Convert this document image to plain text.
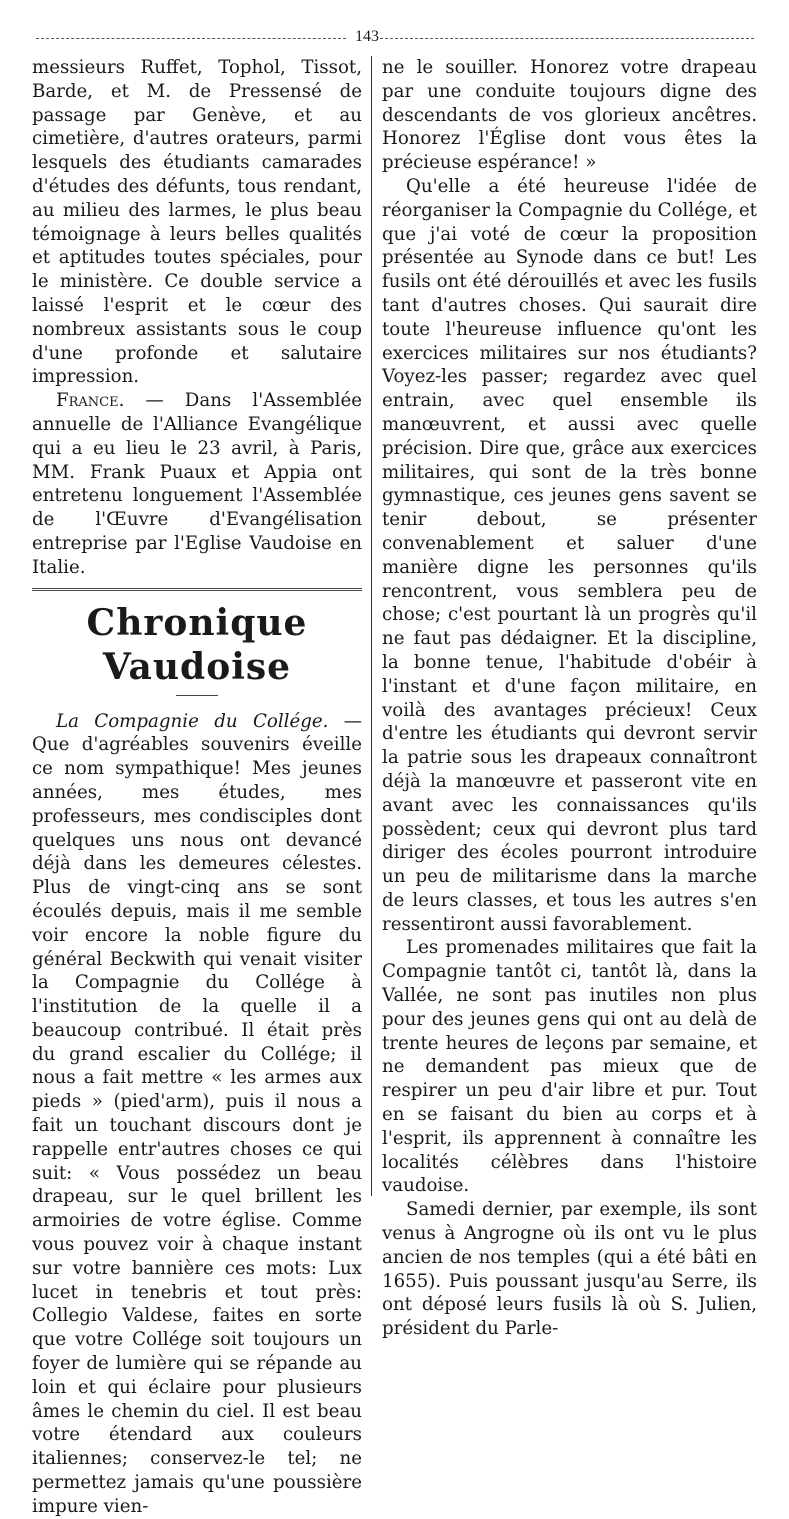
143

messieurs Ruffet, Tophol, Tissot, Barde, et M. de Pressensé de passage par Genève, et au cimetière, d'autres orateurs, parmi lesquels des étudiants camarades d'études des défunts, tous rendant, au milieu des larmes, le plus beau témoignage à leurs belles qualités et aptitudes toutes spéciales, pour le ministère. Ce double service a laissé l'esprit et le cœur des nombreux assistants sous le coup d'une profonde et salutaire impression.

France. — Dans l'Assemblée annuelle de l'Alliance Evangélique qui a eu lieu le 23 avril, à Paris, MM. Frank Puaux et Appia ont entretenu longuement l'Assemblée de l'Œuvre d'Evangélisation entreprise par l'Eglise Vaudoise en Italie.

Chronique Vaudoise

La Compagnie du Collége. — Que d'agréables souvenirs éveille ce nom sympathique! Mes jeunes années, mes études, mes professeurs, mes condisciples dont quelques uns nous ont devancé déjà dans les demeures célestes. Plus de vingt-cinq ans se sont écoulés depuis, mais il me semble voir encore la noble figure du général Beckwith qui venait visiter la Compagnie du Collége à l'institution de la quelle il a beaucoup contribué. Il était près du grand escalier du Collége; il nous a fait mettre « les armes aux pieds » (pied'arm), puis il nous a fait un touchant discours dont je rappelle entr'autres choses ce qui suit: « Vous possédez un beau drapeau, sur le quel brillent les armoiries de votre église. Comme vous pouvez voir à chaque instant sur votre bannière ces mots: Lux lucet in tenebris et tout près: Collegio Valdese, faites en sorte que votre Collége soit toujours un foyer de lumière qui se répande au loin et qui éclaire pour plusieurs âmes le chemin du ciel. Il est beau votre étendard aux couleurs italiennes; conservez-le tel; ne permettez jamais qu'une poussière impure vien-

ne le souiller. Honorez votre drapeau par une conduite toujours digne des descendants de vos glorieux ancêtres. Honorez l'Église dont vous êtes la précieuse espérance! »

Qu'elle a été heureuse l'idée de réorganiser la Compagnie du Collége, et que j'ai voté de cœur la proposition présentée au Synode dans ce but! Les fusils ont été dérouillés et avec les fusils tant d'autres choses. Qui saurait dire toute l'heureuse influence qu'ont les exercices militaires sur nos étudiants? Voyez-les passer; regardez avec quel entrain, avec quel ensemble ils manœuvrent, et aussi avec quelle précision. Dire que, grâce aux exercices militaires, qui sont de la très bonne gymnastique, ces jeunes gens savent se tenir debout, se présenter convenablement et saluer d'une manière digne les personnes qu'ils rencontrent, vous semblera peu de chose; c'est pourtant là un progrès qu'il ne faut pas dédaigner. Et la discipline, la bonne tenue, l'habitude d'obéir à l'instant et d'une façon militaire, en voilà des avantages précieux! Ceux d'entre les étudiants qui devront servir la patrie sous les drapeaux connaîtront déjà la manœuvre et passeront vite en avant avec les connaissances qu'ils possèdent; ceux qui devront plus tard diriger des écoles pourront introduire un peu de militarisme dans la marche de leurs classes, et tous les autres s'en ressentiront aussi favorablement.

Les promenades militaires que fait la Compagnie tantôt ci, tantôt là, dans la Vallée, ne sont pas inutiles non plus pour des jeunes gens qui ont au delà de trente heures de leçons par semaine, et ne demandent pas mieux que de respirer un peu d'air libre et pur. Tout en se faisant du bien au corps et à l'esprit, ils apprennent à connaître les localités célèbres dans l'histoire vaudoise.

Samedi dernier, par exemple, ils sont venus à Angrogne où ils ont vu le plus ancien de nos temples (qui a été bâti en 1655). Puis poussant jusqu'au Serre, ils ont déposé leurs fusils là où S. Julien, président du Parle-
